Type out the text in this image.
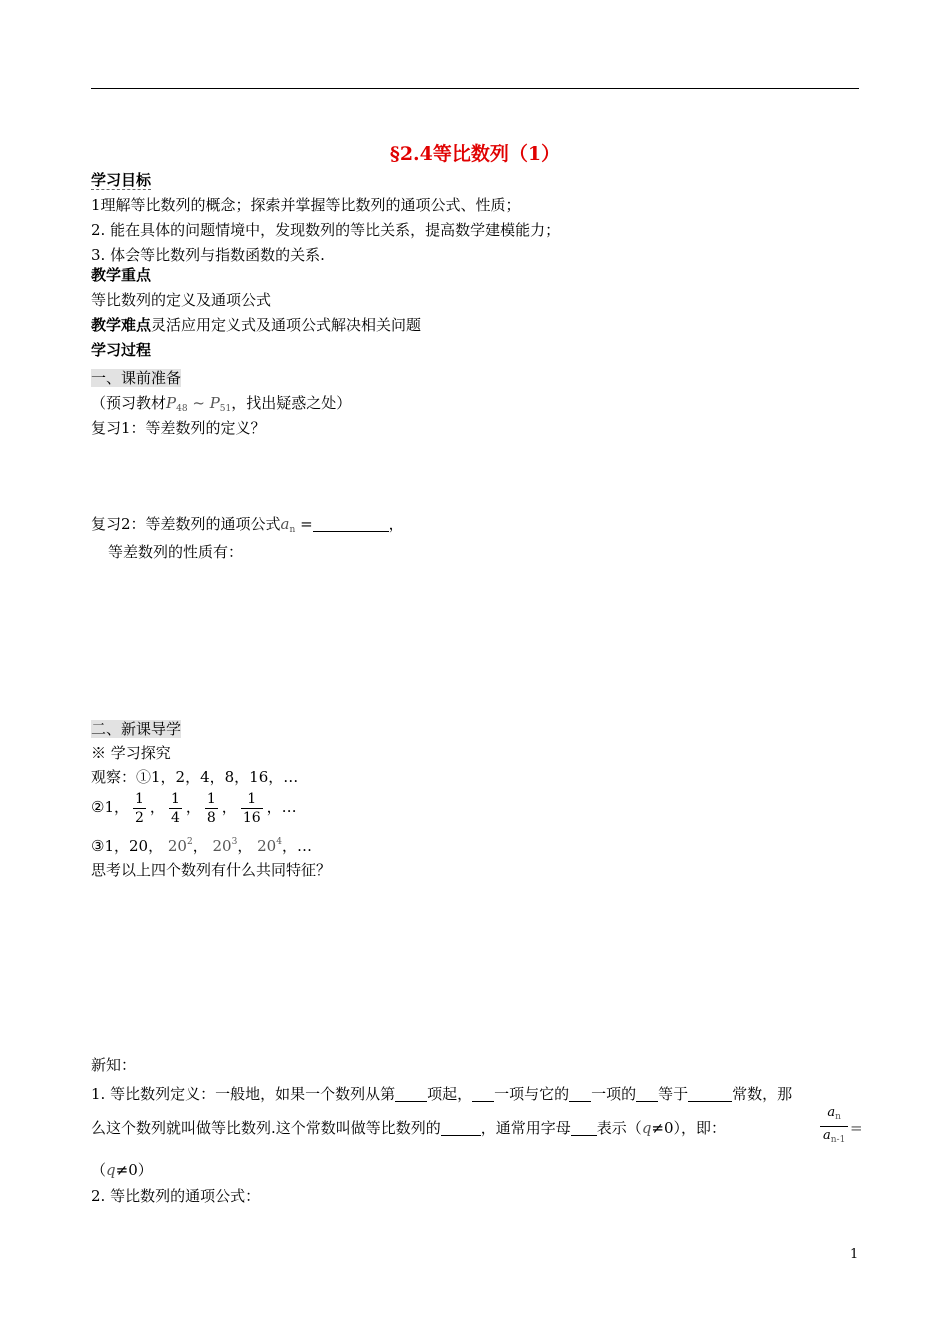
§2.4等比数列（1）
学习目标
1理解等比数列的概念；探索并掌握等比数列的通项公式、性质；
2. 能在具体的问题情境中，发现数列的等比关系，提高数学建模能力；
3. 体会等比数列与指数函数的关系.
教学重点
等比数列的定义及通项公式
教学难点灵活应用定义式及通项公式解决相关问题
学习过程
一、课前准备
（预习教材$P_{48}$ ~ $P_{51}$，找出疑惑之处）
复习1：等差数列的定义？
复习2：等差数列的通项公式$a_n$ =	，
等差数列的性质有：
二、新课导学
※ 学习探究
观察：①1，2，4，8，16，…
②1， $\frac{1}{2}$ ， $\frac{1}{4}$ ， $\frac{1}{8}$ ， $\frac{1}{16}$ ，…
③1，20， $20^2$， $20^3$， $20^4$，…
思考以上四个数列有什么共同特征？
新知：
1. 等比数列定义：一般地，如果一个数列从第 项起， 一项与它的 一项的 等于	常数，那
么这个数列就叫做等比数列.这个常数叫做等比数列的	，通常用字母 表示（q≠0），即：
$a_n$
$a_{n-1}$
=
（q≠0）
2. 等比数列的通项公式：
1
